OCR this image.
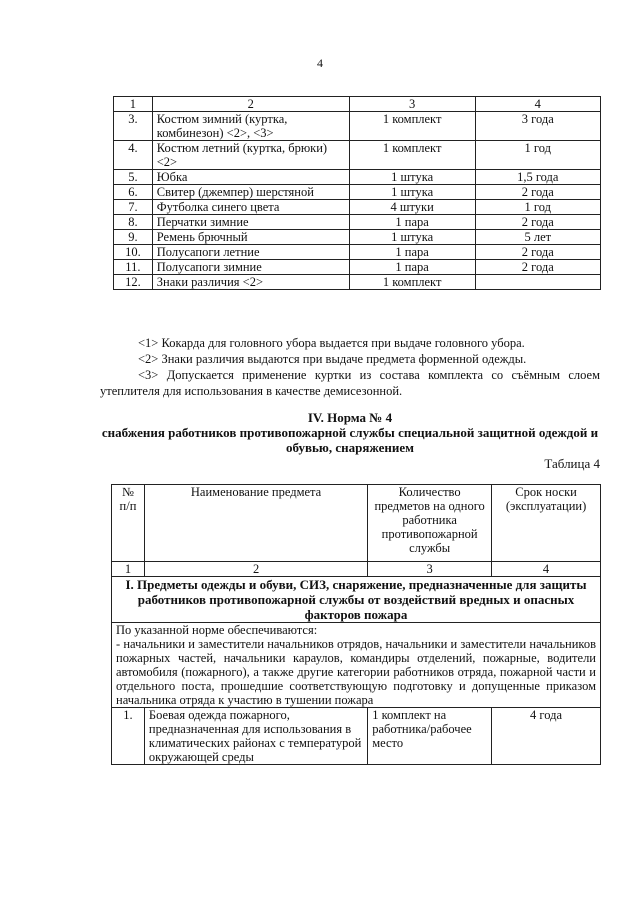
4
1	2	3	4
3.	Костюм зимний (куртка, комбинезон) <2>, <3>	1 комплект	3 года
4.	Костюм летний (куртка, брюки) <2>	1 комплект	1 год
5.	Юбка	1 штука	1,5 года
6.	Свитер (джемпер) шерстяной	1 штука	2 года
7.	Футболка синего цвета	4 штуки	1 год
8.	Перчатки зимние	1 пара	2 года
9.	Ремень брючный	1 штука	5 лет
10.	Полусапоги летние	1 пара	2 года
11.	Полусапоги зимние	1 пара	2 года
12.	Знаки различия <2>	1 комплект	

<1> Кокарда для головного убора выдается при выдаче головного убора.

<2> Знаки различия выдаются при выдаче предмета форменной одежды.

<3> Допускается применение куртки из состава комплекта со съёмным слоем утеплителя для использования в качестве демисезонной.

IV. Норма № 4
снабжения работников противопожарной службы специальной защитной одеждой и обувью, снаряжением
Таблица 4
№ п/п	Наименование предмета	Количество предметов на одного работника противопожарной службы	Срок носки (эксплуатации)
1	2	3	4
I. Предметы одежды и обуви, СИЗ, снаряжение, предназначенные для защиты работников противопожарной службы от воздействий вредных и опасных факторов пожара			

По указанной норме обеспечиваются:
- начальники и заместители начальников отрядов, начальники и заместители начальников пожарных частей, начальники караулов, командиры отделений, пожарные, водители автомобиля (пожарного), а также другие категории работников отряда, пожарной части и отдельного поста, прошедшие соответствующую подготовку и допущенные приказом начальника отряда к участию в тушении пожара			

1.	Боевая одежда пожарного, предназначенная для использования в климатических районах с температурой окружающей среды	1 комплект на работника/рабочее место	4 года
